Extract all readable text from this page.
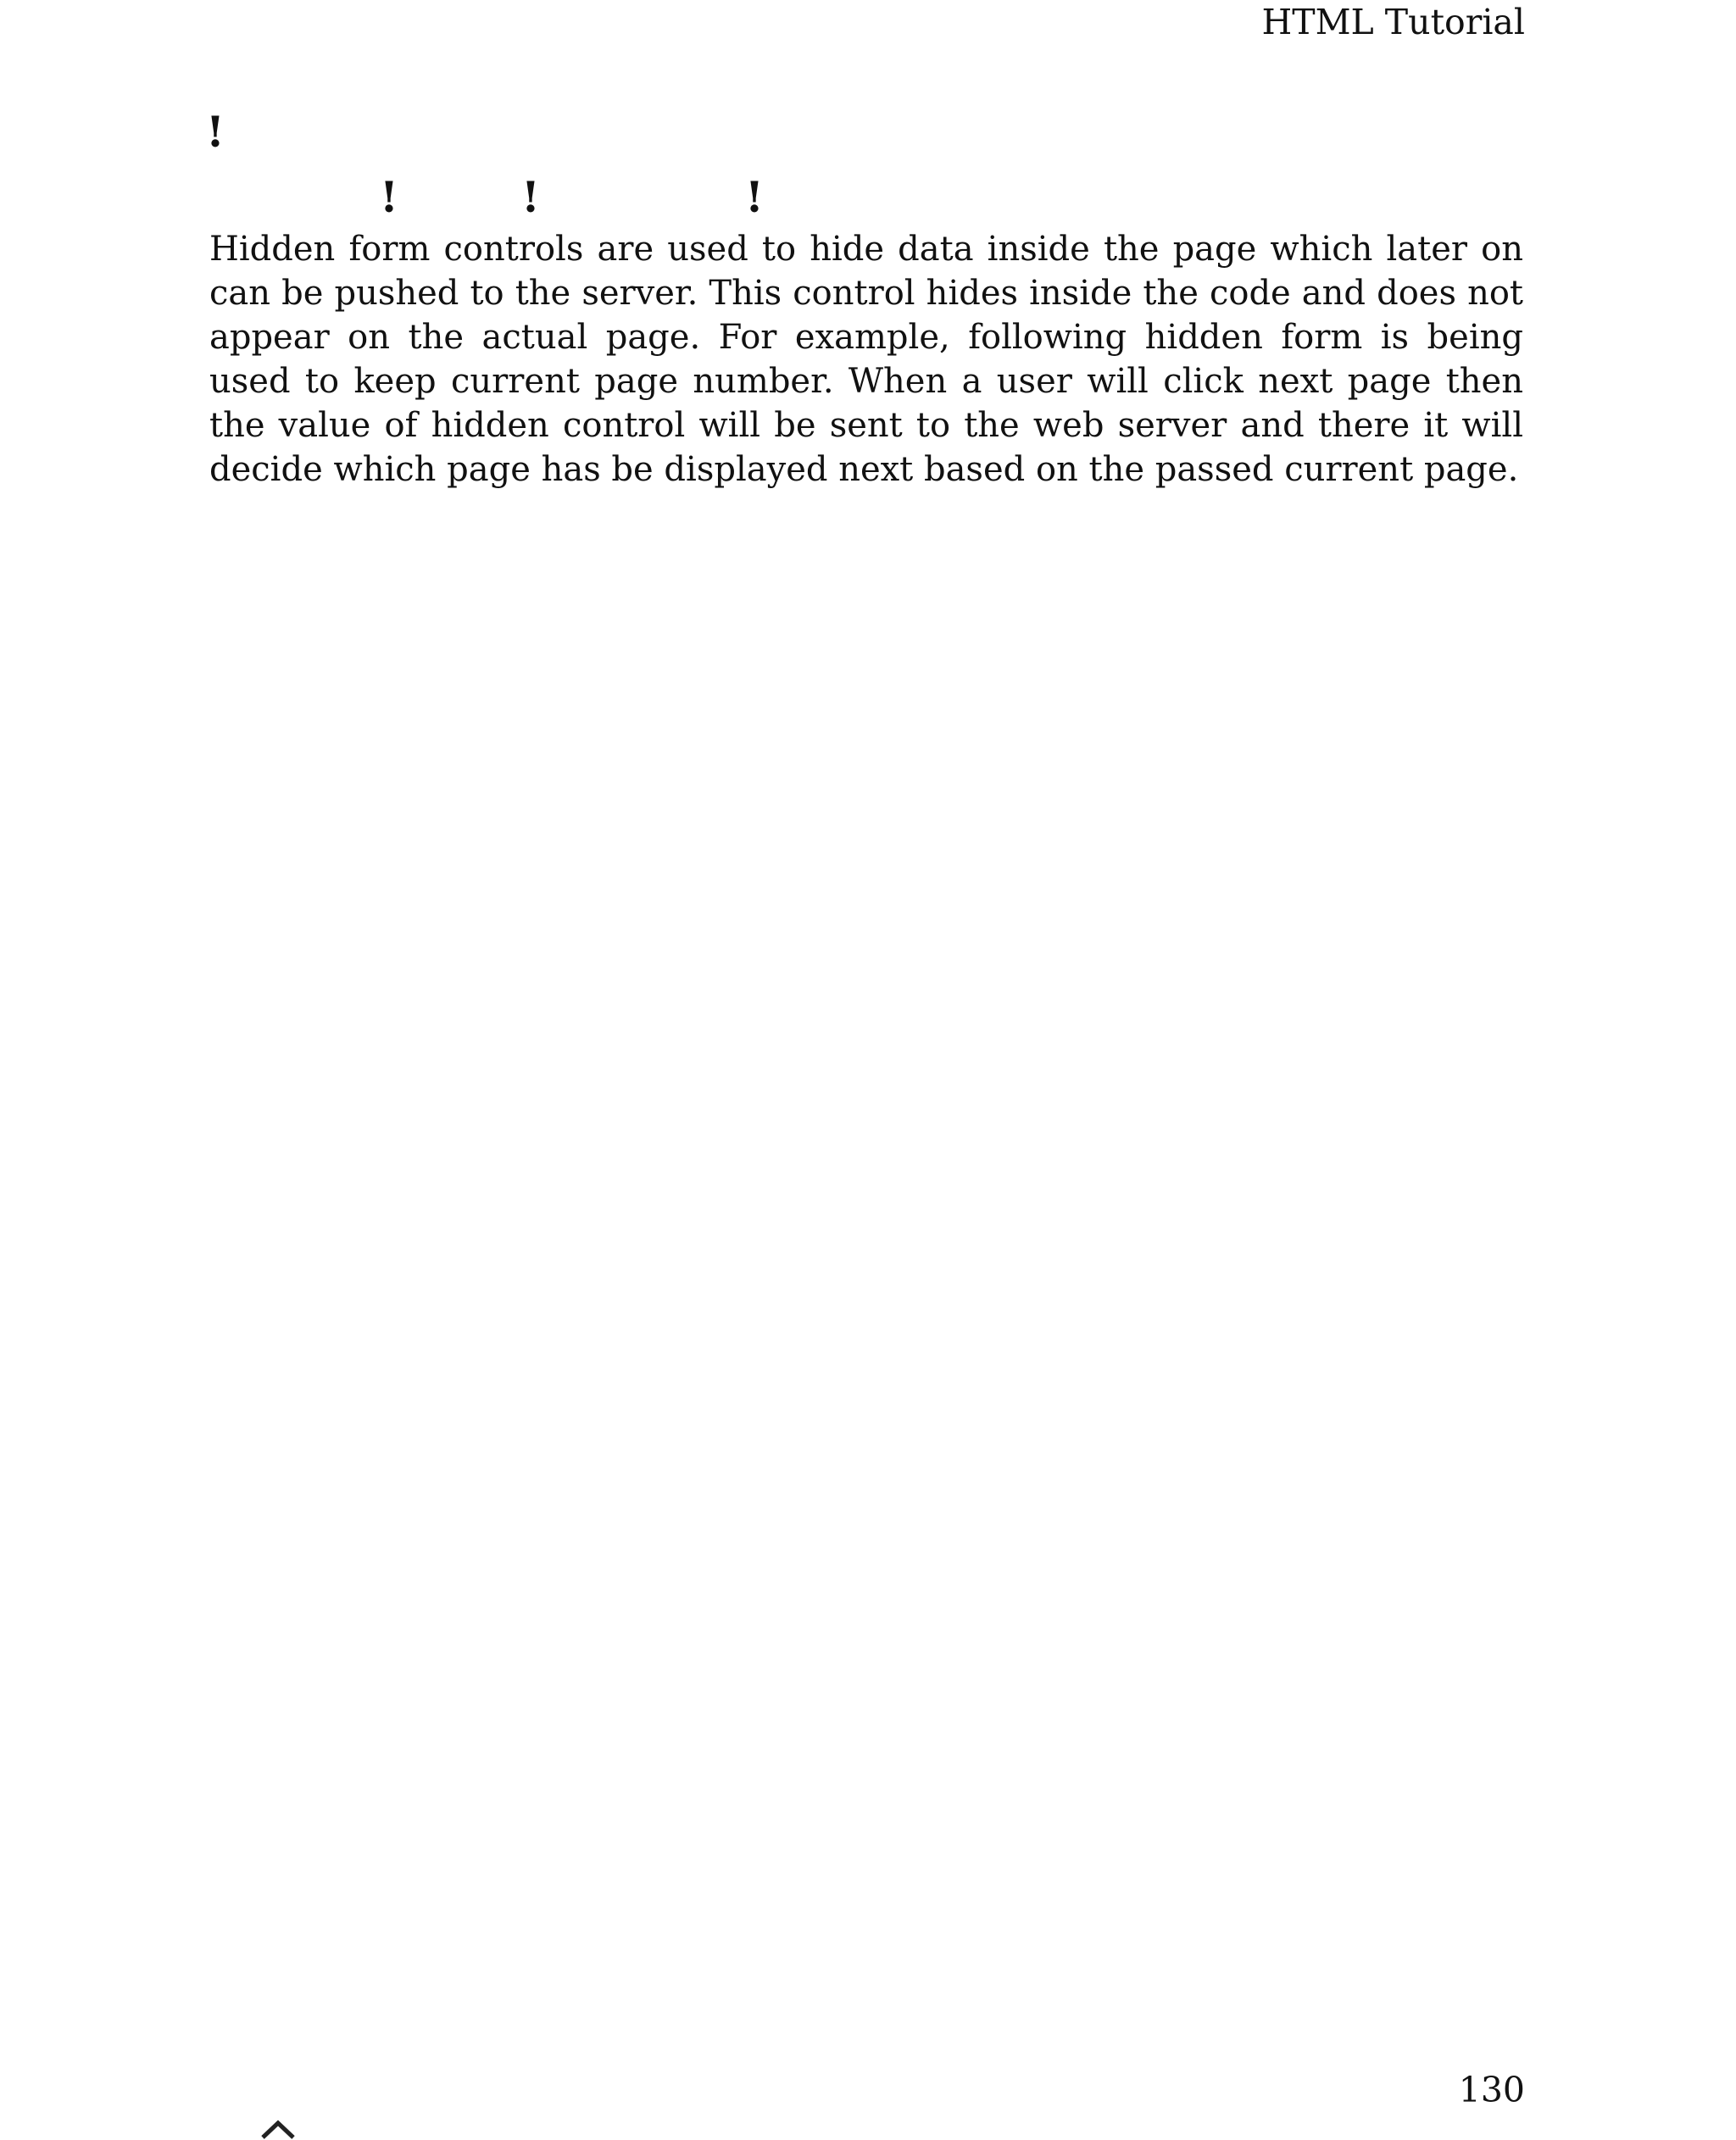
HTML Tutorial
!
!	!	!

Hidden form controls are used to hide data inside the page which later on can be pushed to the server. This control hides inside the code and does not appear on the actual page. For example, following hidden form is being used to keep current page number. When a user will click next page then the value of hidden control will be sent to the web server and there it will decide which page has be displayed next based on the passed current page.

130
